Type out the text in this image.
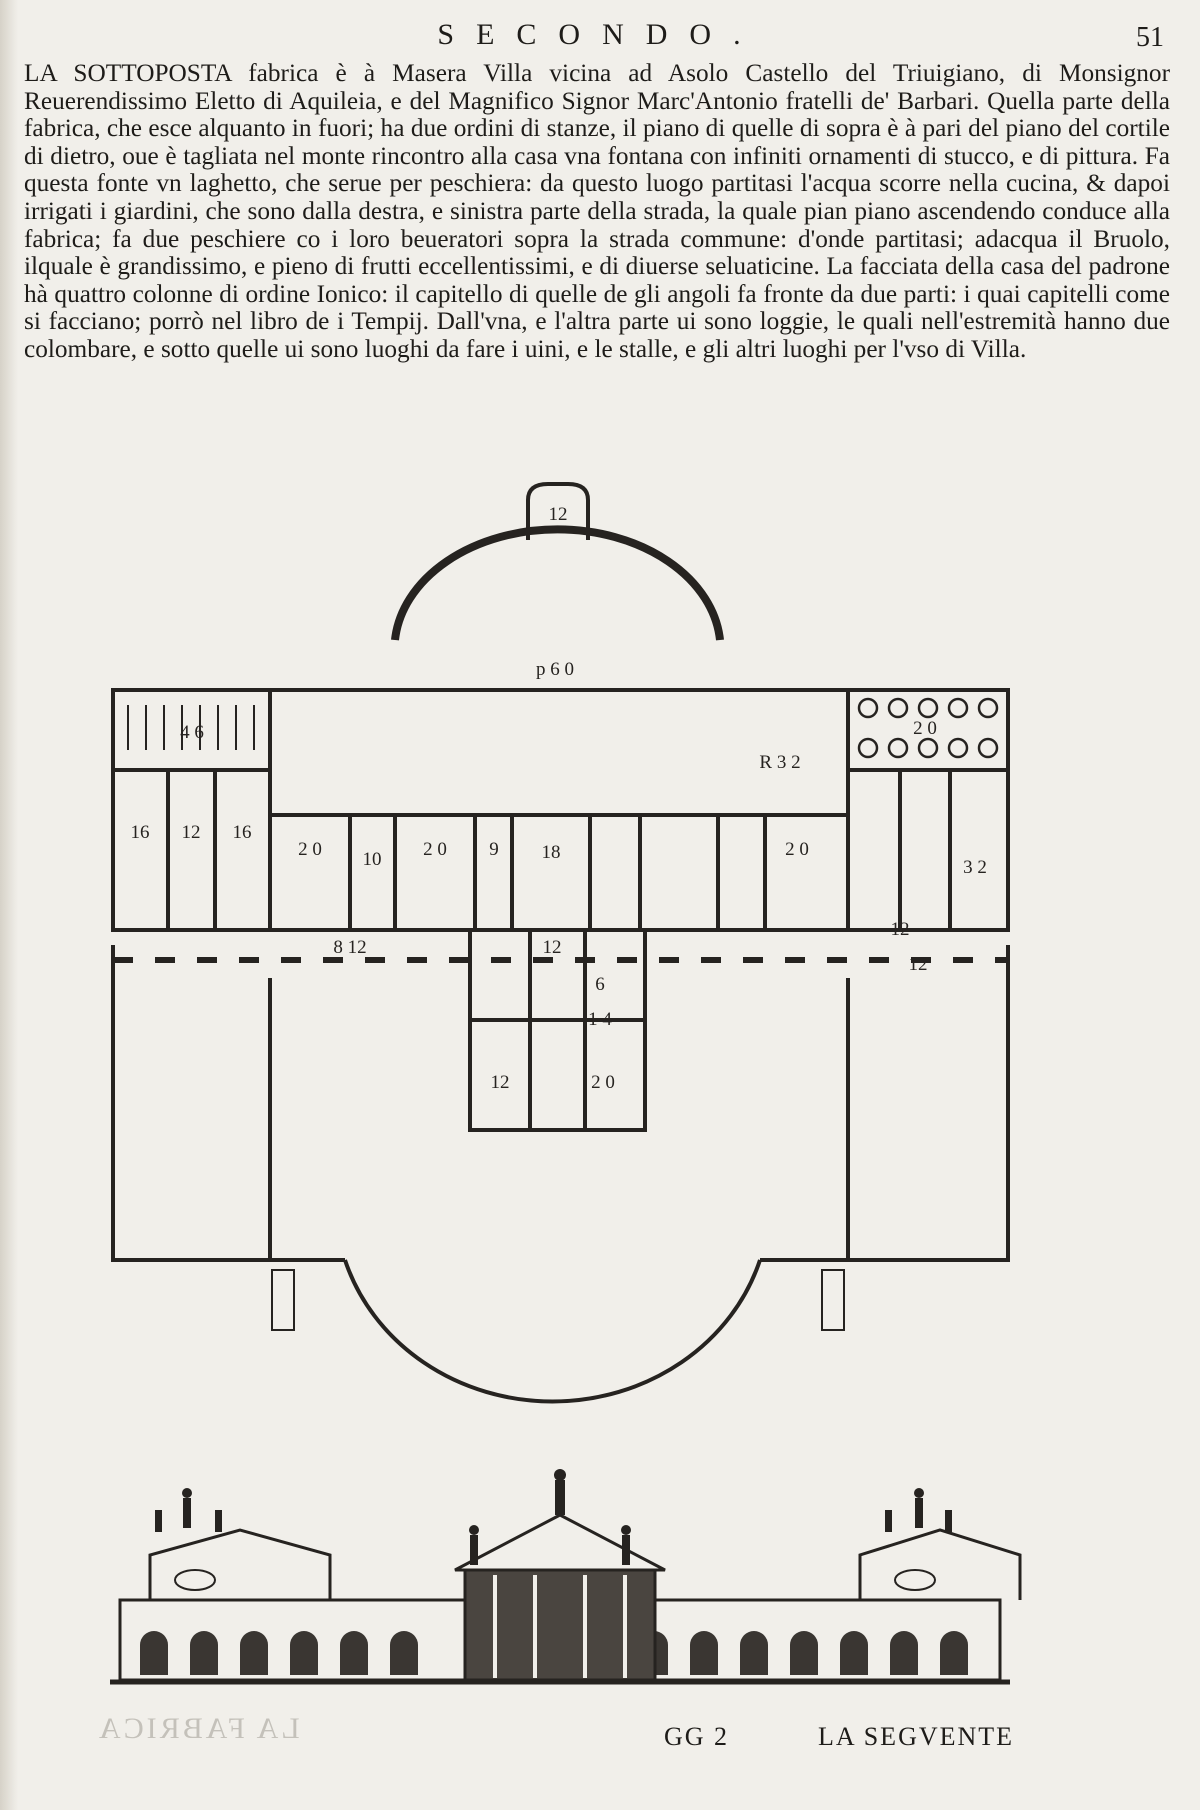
SECONDO.	51

LA SOTTOPOSTA fabrica è à Masera Villa vicina ad Asolo Castello del Triuigiano, di Monsignor Reuerendissimo Eletto di Aquileia, e del Magnifico Signor Marc'Antonio fratelli de' Barbari. Quella parte della fabrica, che esce alquanto in fuori; ha due ordini di stanze, il piano di quelle di sopra è à pari del piano del cortile di dietro, oue è tagliata nel monte rincontro alla casa vna fontana con infiniti ornamenti di stucco, e di pittura. Fa questa fonte vn laghetto, che serue per peschiera: da questo luogo partitasi l'acqua scorre nella cucina, & dapoi irrigati i giardini, che sono dalla destra, e sinistra parte della strada, la quale pian piano ascendendo conduce alla fabrica; fa due peschiere co i loro beueratori sopra la strada commune: d'onde partitasi; adacqua il Bruolo, ilquale è grandissimo, e pieno di frutti eccellentissimi, e di diuerse seluaticine. La facciata della casa del padrone hà quattro colonne di ordine Ionico: il capitello di quelle de gli angoli fa fronte da due parti: i quai capitelli come si facciano; porrò nel libro de i Tempij. Dall'vna, e l'altra parte ui sono loggie, le quali nell'estremità hanno due colombare, e sotto quelle ui sono luoghi da fare i uini, e le stalle, e gli altri luoghi per l'vso di Villa.

12
p 6 0
4 6
16 12 16
2 0 10 2 0 9 18	2 0
R 3 2
2 0
3 2
8 12	12
12
12
6
1 4
12	2 0
LA FABRICA	GG 2	LA SEGVENTE
